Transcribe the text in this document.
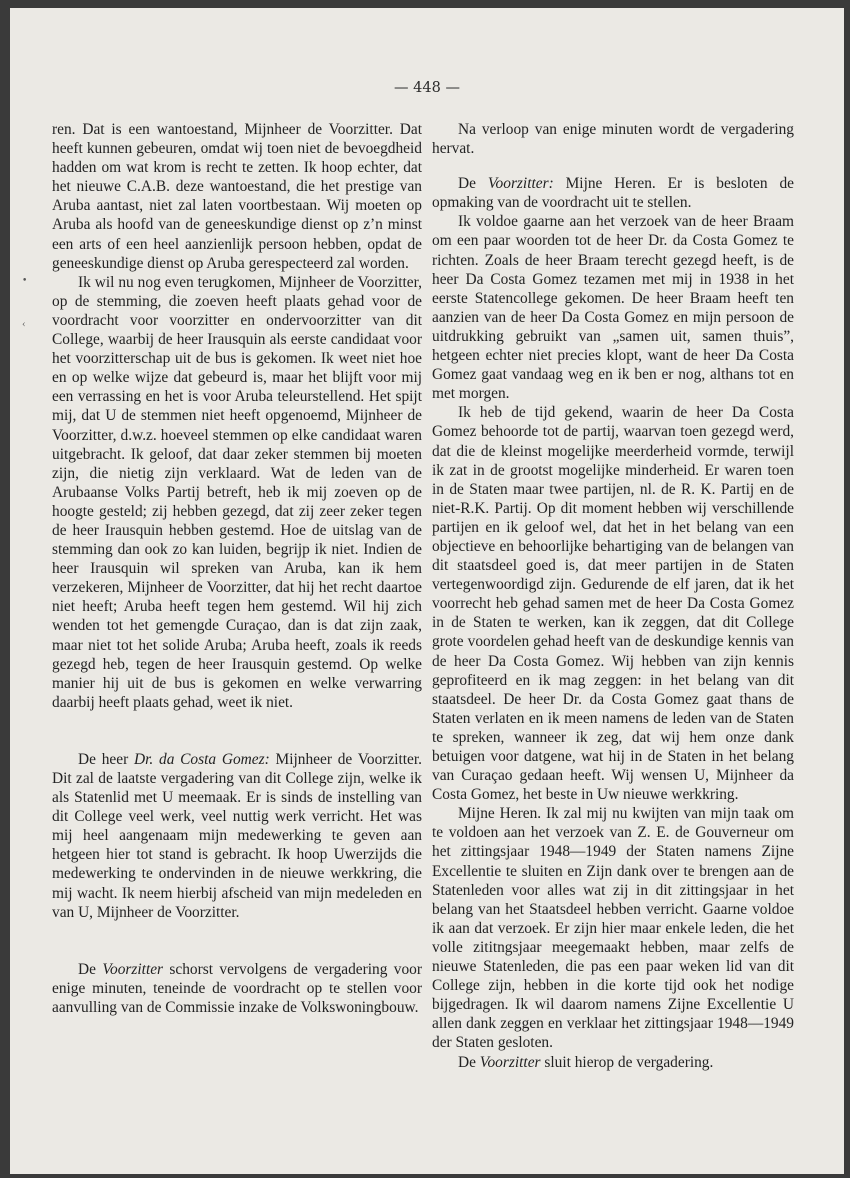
— 448 —
•
‹

ren. Dat is een wantoestand, Mijnheer de Voorzitter. Dat heeft kunnen gebeuren, omdat wij toen niet de bevoegdheid hadden om wat krom is recht te zetten. Ik hoop echter, dat het nieuwe C.A.B. deze wantoestand, die het prestige van Aruba aantast, niet zal laten voortbestaan. Wij moeten op Aruba als hoofd van de geneeskundige dienst op z’n minst een arts of een heel aanzienlijk persoon hebben, opdat de geneeskundige dienst op Aruba gerespecteerd zal worden.

Ik wil nu nog even terugkomen, Mijnheer de Voorzitter, op de stemming, die zoeven heeft plaats gehad voor de voordracht voor voorzitter en ondervoorzitter van dit College, waarbij de heer Irausquin als eerste candidaat voor het voorzitterschap uit de bus is gekomen. Ik weet niet hoe en op welke wijze dat gebeurd is, maar het blijft voor mij een verrassing en het is voor Aruba teleurstellend. Het spijt mij, dat U de stemmen niet heeft opgenoemd, Mijnheer de Voorzitter, d.w.z. hoeveel stemmen op elke candidaat waren uitgebracht. Ik geloof, dat daar zeker stemmen bij moeten zijn, die nietig zijn verklaard. Wat de leden van de Arubaanse Volks Partij betreft, heb ik mij zoeven op de hoogte gesteld; zij hebben gezegd, dat zij zeer zeker tegen de heer Irausquin hebben gestemd. Hoe de uitslag van de stemming dan ook zo kan luiden, begrijp ik niet. Indien de heer Irausquin wil spreken van Aruba, kan ik hem verzekeren, Mijnheer de Voorzitter, dat hij het recht daartoe niet heeft; Aruba heeft tegen hem gestemd. Wil hij zich wenden tot het gemengde Curaçao, dan is dat zijn zaak, maar niet tot het solide Aruba; Aruba heeft, zoals ik reeds gezegd heb, tegen de heer Irausquin gestemd. Op welke manier hij uit de bus is gekomen en welke verwarring daarbij heeft plaats gehad, weet ik niet.

De heer Dr. da Costa Gomez: Mijnheer de Voorzitter. Dit zal de laatste vergadering van dit College zijn, welke ik als Statenlid met U meemaak. Er is sinds de instelling van dit College veel werk, veel nuttig werk verricht. Het was mij heel aangenaam mijn medewerking te geven aan hetgeen hier tot stand is gebracht. Ik hoop Uwerzijds die medewerking te ondervinden in de nieuwe werkkring, die mij wacht. Ik neem hierbij afscheid van mijn medeleden en van U, Mijnheer de Voorzitter.

De Voorzitter schorst vervolgens de vergadering voor enige minuten, teneinde de voordracht op te stellen voor aanvulling van de Commissie inzake de Volkswoningbouw.

Na verloop van enige minuten wordt de vergadering hervat.

De Voorzitter: Mijne Heren. Er is besloten de opmaking van de voordracht uit te stellen.

Ik voldoe gaarne aan het verzoek van de heer Braam om een paar woorden tot de heer Dr. da Costa Gomez te richten. Zoals de heer Braam terecht gezegd heeft, is de heer Da Costa Gomez tezamen met mij in 1938 in het eerste Statencollege gekomen. De heer Braam heeft ten aanzien van de heer Da Costa Gomez en mijn persoon de uitdrukking gebruikt van „samen uit, samen thuis”, hetgeen echter niet precies klopt, want de heer Da Costa Gomez gaat vandaag weg en ik ben er nog, althans tot en met morgen.

Ik heb de tijd gekend, waarin de heer Da Costa Gomez behoorde tot de partij, waarvan toen gezegd werd, dat die de kleinst mogelijke meerderheid vormde, terwijl ik zat in de grootst mogelijke minderheid. Er waren toen in de Staten maar twee partijen, nl. de R. K. Partij en de niet-R.K. Partij. Op dit moment hebben wij verschillende partijen en ik geloof wel, dat het in het belang van een objectieve en behoorlijke behartiging van de belangen van dit staatsdeel goed is, dat meer partijen in de Staten vertegenwoordigd zijn. Gedurende de elf jaren, dat ik het voorrecht heb gehad samen met de heer Da Costa Gomez in de Staten te werken, kan ik zeggen, dat dit College grote voordelen gehad heeft van de deskundige kennis van de heer Da Costa Gomez. Wij hebben van zijn kennis geprofiteerd en ik mag zeggen: in het belang van dit staatsdeel. De heer Dr. da Costa Gomez gaat thans de Staten verlaten en ik meen namens de leden van de Staten te spreken, wanneer ik zeg, dat wij hem onze dank betuigen voor datgene, wat hij in de Staten in het belang van Curaçao gedaan heeft. Wij wensen U, Mijnheer da Costa Gomez, het beste in Uw nieuwe werkkring.

Mijne Heren. Ik zal mij nu kwijten van mijn taak om te voldoen aan het verzoek van Z. E. de Gouverneur om het zittingsjaar 1948—1949 der Staten namens Zijne Excellentie te sluiten en Zijn dank over te brengen aan de Statenleden voor alles wat zij in dit zittingsjaar in het belang van het Staatsdeel hebben verricht. Gaarne voldoe ik aan dat verzoek. Er zijn hier maar enkele leden, die het volle zititngsjaar meegemaakt hebben, maar zelfs de nieuwe Statenleden, die pas een paar weken lid van dit College zijn, hebben in die korte tijd ook het nodige bijgedragen. Ik wil daarom namens Zijne Excellentie U allen dank zeggen en verklaar het zittingsjaar 1948—1949 der Staten gesloten.

De Voorzitter sluit hierop de vergadering.
